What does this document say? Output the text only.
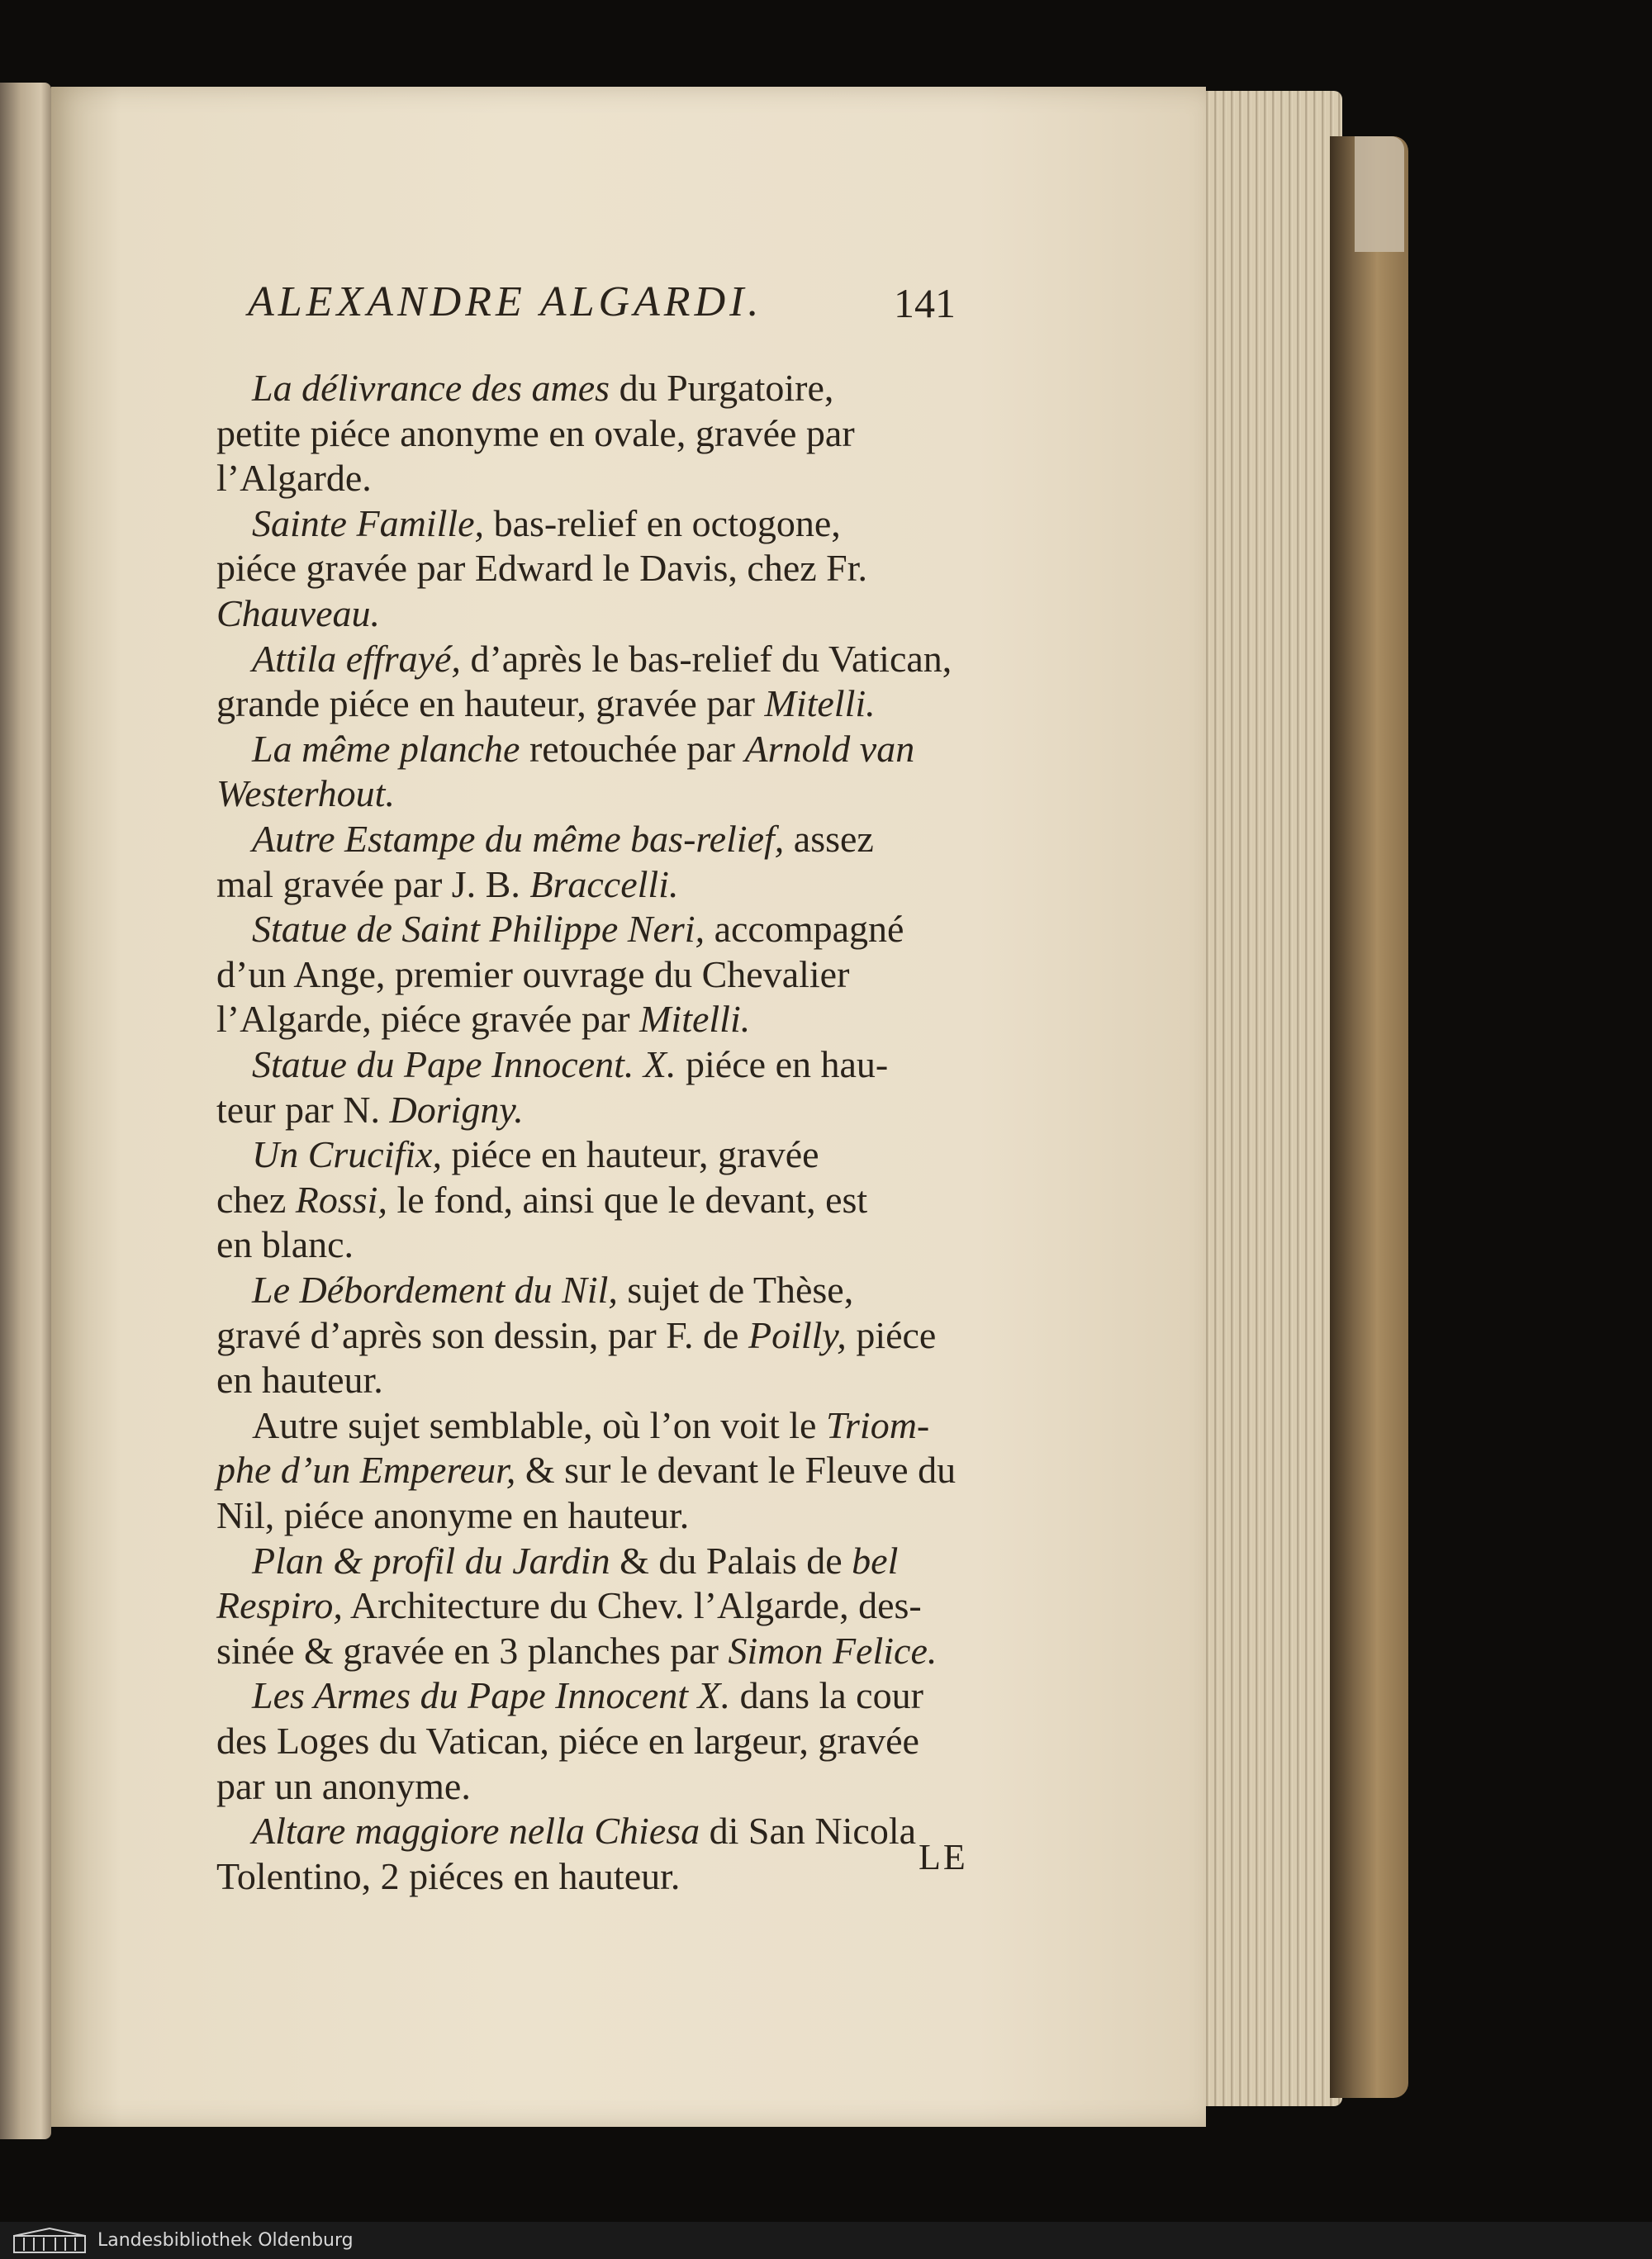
ALEXANDRE ALGARDI.	141
La délivrance des ames du Purgatoire,
petite piéce anonyme en ovale, gravée par
l’Algarde.
Sainte Famille, bas-relief en octogone,
piéce gravée par Edward le Davis, chez Fr.
Chauveau.
Attila effrayé, d’après le bas-relief du Vatican,
grande piéce en hauteur, gravée par Mitelli.
La même planche retouchée par Arnold van
Westerhout.
Autre Estampe du même bas-relief, assez
mal gravée par J. B. Braccelli.
Statue de Saint Philippe Neri, accompagné
d’un Ange, premier ouvrage du Chevalier
l’Algarde, piéce gravée par Mitelli.
Statue du Pape Innocent. X. piéce en hau-
teur par N. Dorigny.
Un Crucifix, piéce en hauteur, gravée
chez Rossi, le fond, ainsi que le devant, est
en blanc.
Le Débordement du Nil, sujet de Thèse,
gravé d’après son dessin, par F. de Poilly, piéce
en hauteur.
Autre sujet semblable, où l’on voit le Triom-
phe d’un Empereur, & sur le devant le Fleuve du
Nil, piéce anonyme en hauteur.
Plan & profil du Jardin & du Palais de bel
Respiro, Architecture du Chev. l’Algarde, des-
sinée & gravée en 3 planches par Simon Felice.
Les Armes du Pape Innocent X. dans la cour
des Loges du Vatican, piéce en largeur, gravée
par un anonyme.
Altare maggiore nella Chiesa di San Nicola
Tolentino, 2 piéces en hauteur.	LE
Landesbibliothek Oldenburg
